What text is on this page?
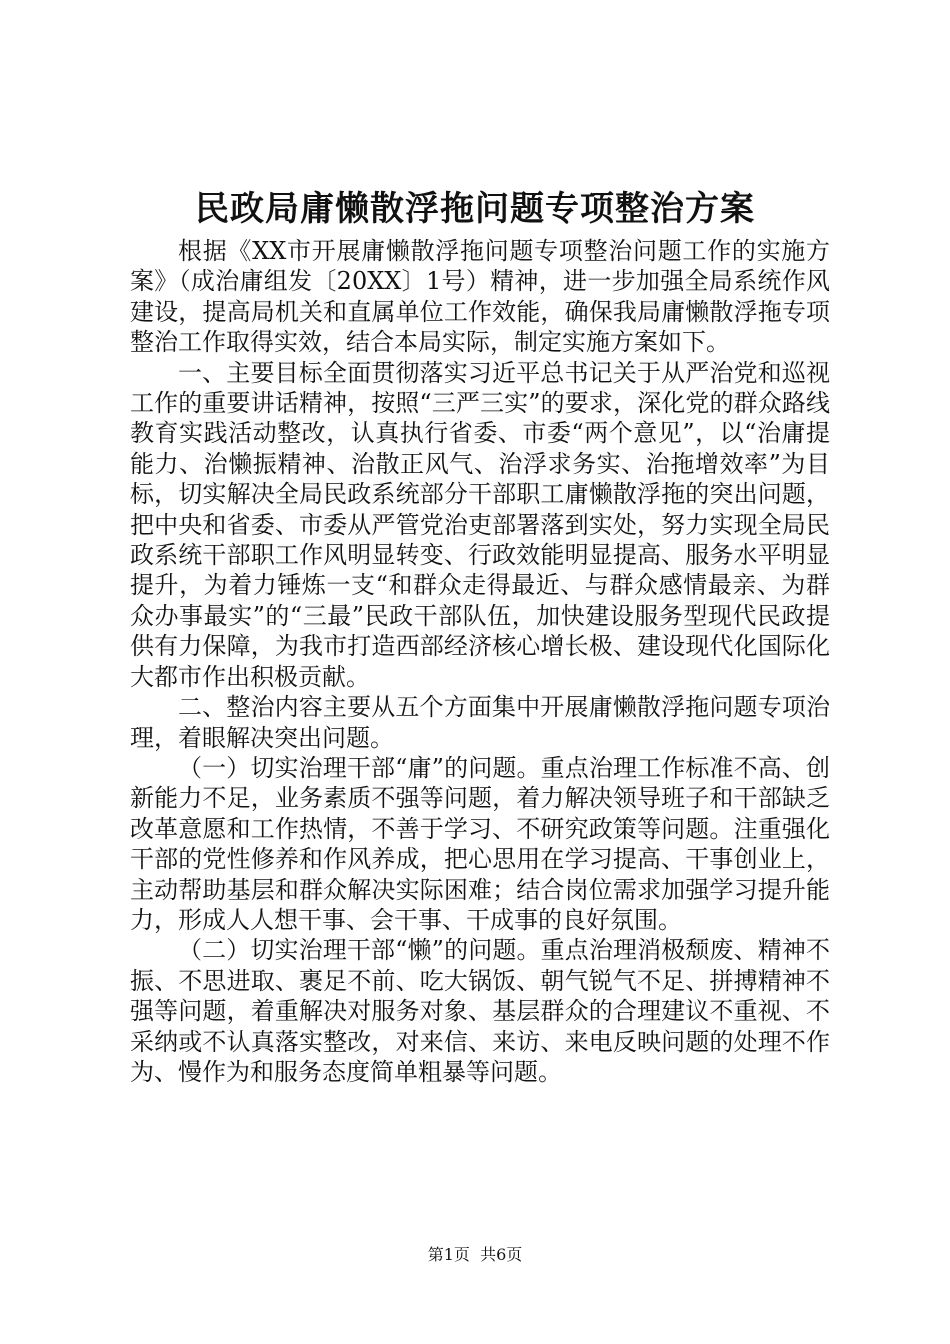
民政局庸懒散浮拖问题专项整治方案

根据《XX市开展庸懒散浮拖问题专项整治问题工作的实施方案》（成治庸组发〔20XX〕1号）精神，进一步加强全局系统作风建设，提高局机关和直属单位工作效能，确保我局庸懒散浮拖专项整治工作取得实效，结合本局实际，制定实施方案如下。

一、主要目标全面贯彻落实习近平总书记关于从严治党和巡视工作的重要讲话精神，按照“三严三实”的要求，深化党的群众路线教育实践活动整改，认真执行省委、市委“两个意见”，以“治庸提能力、治懒振精神、治散正风气、治浮求务实、治拖增效率”为目标，切实解决全局民政系统部分干部职工庸懒散浮拖的突出问题，把中央和省委、市委从严管党治吏部署落到实处，努力实现全局民政系统干部职工作风明显转变、行政效能明显提高、服务水平明显提升，为着力锤炼一支“和群众走得最近、与群众感情最亲、为群众办事最实”的“三最”民政干部队伍，加快建设服务型现代民政提供有力保障，为我市打造西部经济核心增长极、建设现代化国际化大都市作出积极贡献。

二、整治内容主要从五个方面集中开展庸懒散浮拖问题专项治理，着眼解决突出问题。

（一）切实治理干部“庸”的问题。重点治理工作标准不高、创新能力不足，业务素质不强等问题，着力解决领导班子和干部缺乏改革意愿和工作热情，不善于学习、不研究政策等问题。注重强化干部的党性修养和作风养成，把心思用在学习提高、干事创业上，主动帮助基层和群众解决实际困难；结合岗位需求加强学习提升能力，形成人人想干事、会干事、干成事的良好氛围。

（二）切实治理干部“懒”的问题。重点治理消极颓废、精神不振、不思进取、裹足不前、吃大锅饭、朝气锐气不足、拼搏精神不强等问题，着重解决对服务对象、基层群众的合理建议不重视、不采纳或不认真落实整改，对来信、来访、来电反映问题的处理不作为、慢作为和服务态度简单粗暴等问题。

第1页 共6页
